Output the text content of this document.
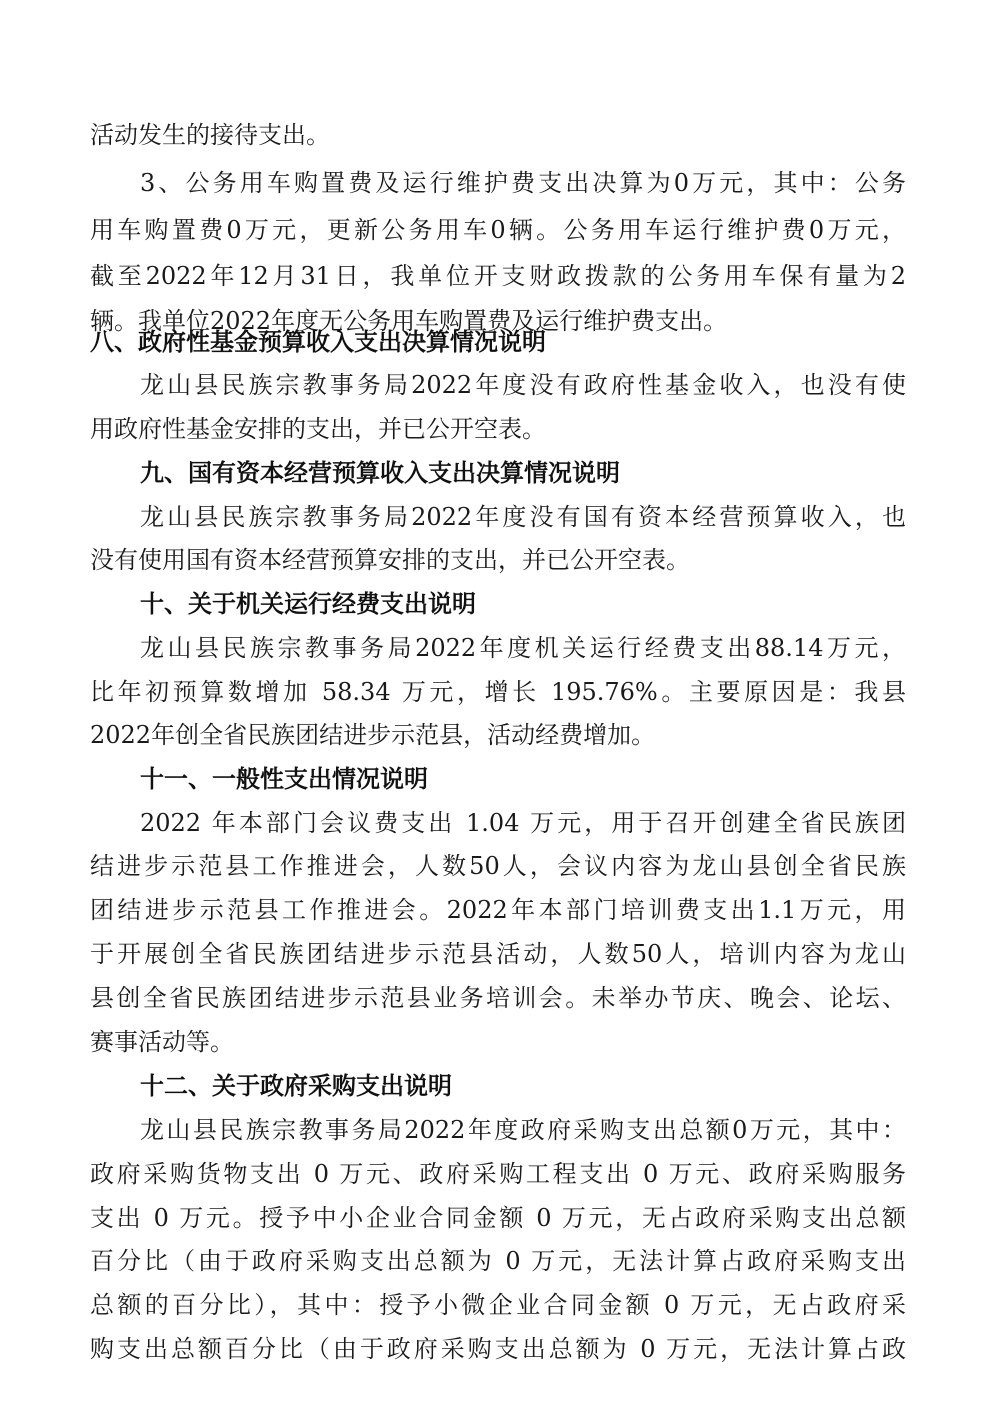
活动发生的接待支出。
3、公务用车购置费及运行维护费支出决算为0万元，其中：公务
用车购置费0万元，更新公务用车0辆。公务用车运行维护费0万元，
截至2022年12月31日，我单位开支财政拨款的公务用车保有量为2
辆。我单位2022年度无公务用车购置费及运行维护费支出。
八、政府性基金预算收入支出决算情况说明
龙山县民族宗教事务局2022年度没有政府性基金收入，也没有使
用政府性基金安排的支出，并已公开空表。
九、国有资本经营预算收入支出决算情况说明
龙山县民族宗教事务局2022年度没有国有资本经营预算收入，也
没有使用国有资本经营预算安排的支出，并已公开空表。
十、关于机关运行经费支出说明
龙山县民族宗教事务局2022年度机关运行经费支出88.14万元，
比年初预算数增加 58.34 万元，增长 195.76%。主要原因是：我县
2022年创全省民族团结进步示范县，活动经费增加。
十一、一般性支出情况说明
2022 年本部门会议费支出 1.04 万元，用于召开创建全省民族团
结进步示范县工作推进会，人数50人，会议内容为龙山县创全省民族
团结进步示范县工作推进会。2022年本部门培训费支出1.1万元，用
于开展创全省民族团结进步示范县活动，人数50人，培训内容为龙山
县创全省民族团结进步示范县业务培训会。未举办节庆、晚会、论坛、
赛事活动等。
十二、关于政府采购支出说明
龙山县民族宗教事务局2022年度政府采购支出总额0万元，其中：
政府采购货物支出 0 万元、政府采购工程支出 0 万元、政府采购服务
支出 0 万元。授予中小企业合同金额 0 万元，无占政府采购支出总额
百分比（由于政府采购支出总额为 0 万元，无法计算占政府采购支出
总额的百分比），其中：授予小微企业合同金额 0 万元，无占政府采
购支出总额百分比（由于政府采购支出总额为 0 万元，无法计算占政
